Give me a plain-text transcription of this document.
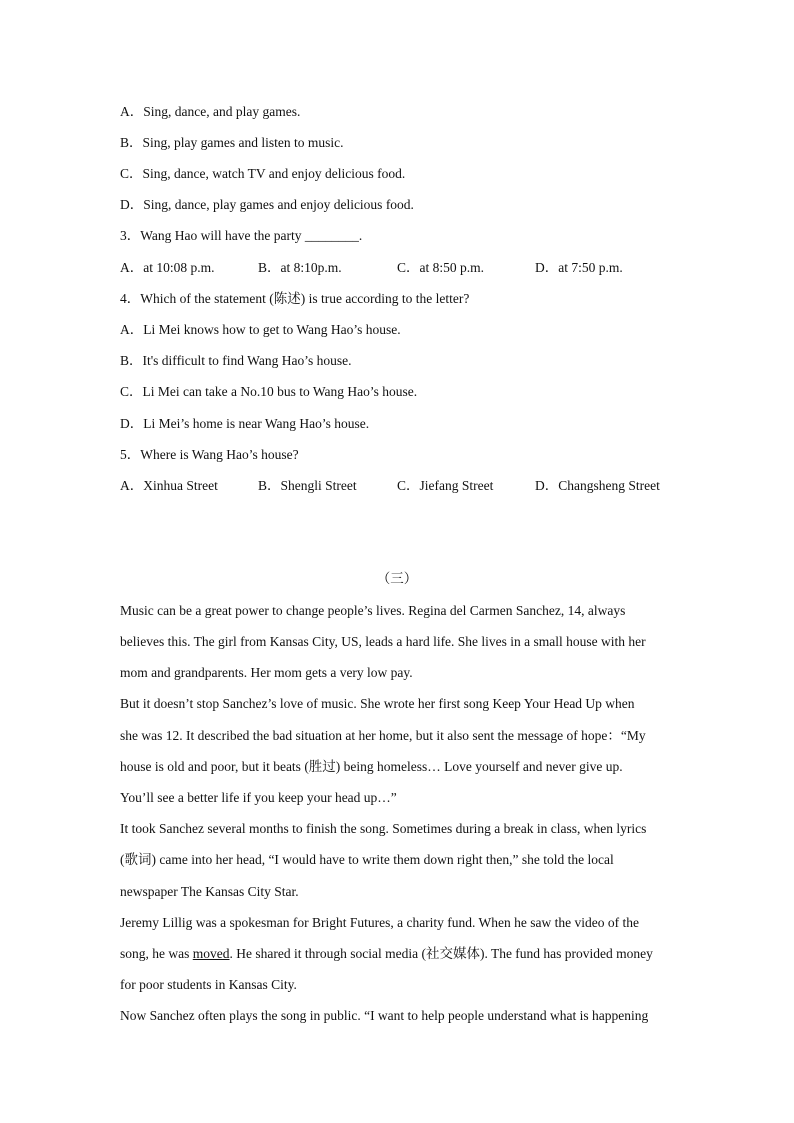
A．Sing, dance, and play games.
B．Sing, play games and listen to music.
C．Sing, dance, watch TV and enjoy delicious food.
D．Sing, dance, play games and enjoy delicious food.
3．Wang Hao will have the party ________.
A．at 10:08 p.m.	B．at 8:10p.m.	C．at 8:50 p.m.	D．at 7:50 p.m.
4．Which of the statement (陈述) is true according to the letter?
A．Li Mei knows how to get to Wang Hao’s house.
B．It's difficult to find Wang Hao’s house.
C．Li Mei can take a No.10 bus to Wang Hao’s house.
D．Li Mei’s home is near Wang Hao’s house.
5．Where is Wang Hao’s house?
A．Xinhua Street	B．Shengli Street	C．Jiefang Street	D．Changsheng Street
（三）
Music can be a great power to change people’s lives. Regina del Carmen Sanchez, 14, always
believes this. The girl from Kansas City, US, leads a hard life. She lives in a small house with her
mom and grandparents. Her mom gets a very low pay.
But it doesn’t stop Sanchez’s love of music. She wrote her first song Keep Your Head Up when
she was 12. It described the bad situation at her home, but it also sent the message of hope：“My
house is old and poor, but it beats (胜过) being homeless… Love yourself and never give up.
You’ll see a better life if you keep your head up…”
It took Sanchez several months to finish the song. Sometimes during a break in class, when lyrics
(歌词) came into her head, “I would have to write them down right then,” she told the local
newspaper The Kansas City Star.
Jeremy Lillig was a spokesman for Bright Futures, a charity fund. When he saw the video of the
song, he was moved. He shared it through social media (社交媒体). The fund has provided money
for poor students in Kansas City.
Now Sanchez often plays the song in public. “I want to help people understand what is happening
